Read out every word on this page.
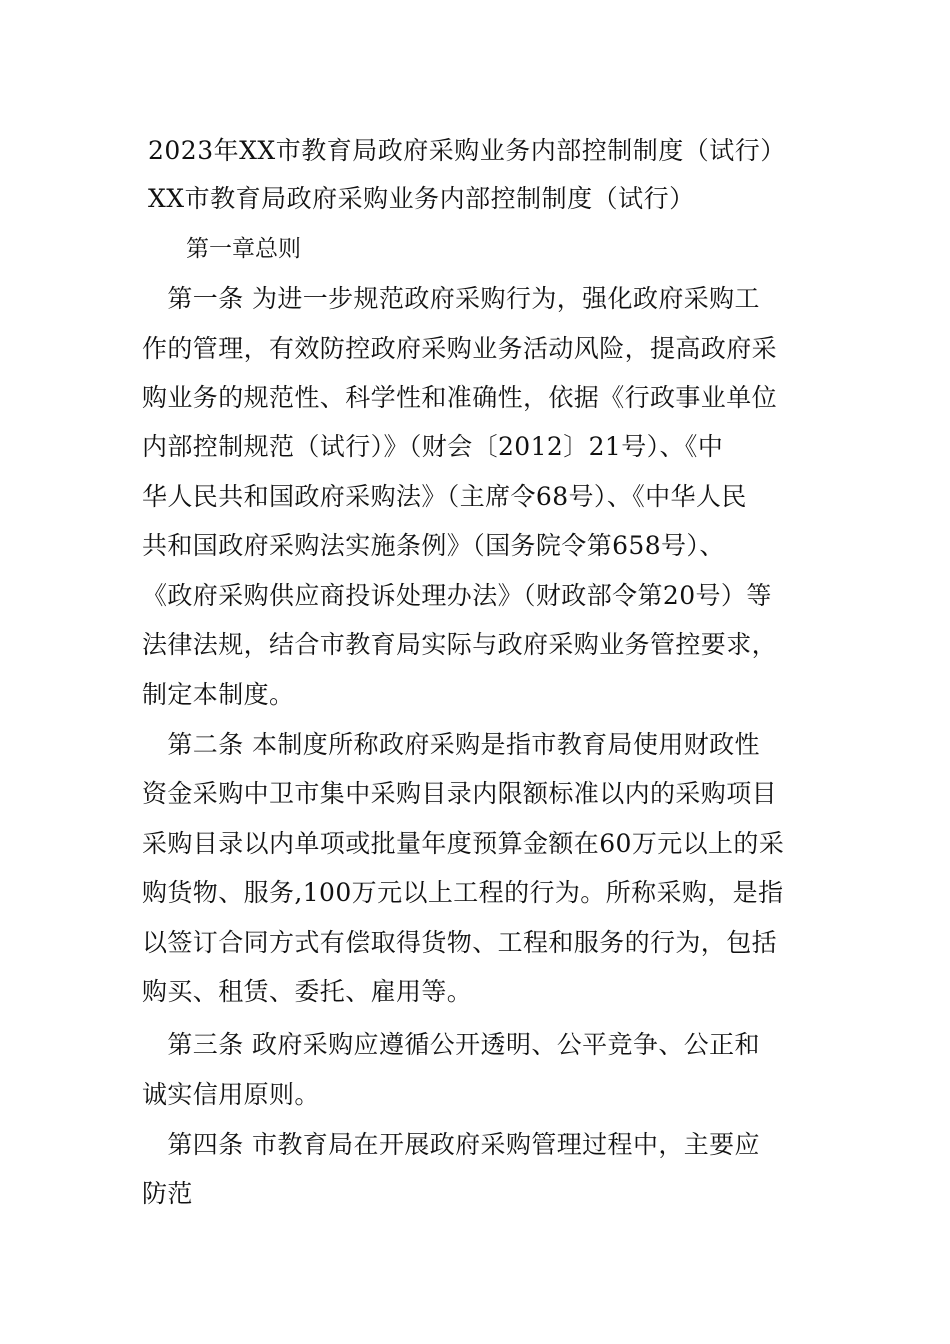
2023年XX市教育局政府采购业务内部控制制度（试行）
XX市教育局政府采购业务内部控制制度（试行）
第一章总则
　第一条 为进一步规范政府采购行为，强化政府采购工
作的管理，有效防控政府采购业务活动风险，提高政府采
购业务的规范性、科学性和准确性，依据《行政事业单位
内部控制规范（试行）》（财会〔2012〕21号）、《中
华人民共和国政府采购法》（主席令68号）、《中华人民
共和国政府采购法实施条例》（国务院令第658号）、
《政府采购供应商投诉处理办法》（财政部令第20号）等
法律法规，结合市教育局实际与政府采购业务管控要求，
制定本制度。
　第二条 本制度所称政府采购是指市教育局使用财政性
资金采购中卫市集中采购目录内限额标准以内的采购项目
采购目录以内单项或批量年度预算金额在60万元以上的采
购货物、服务,100万元以上工程的行为。所称采购，是指
以签订合同方式有偿取得货物、工程和服务的行为，包括
购买、租赁、委托、雇用等。
　第三条 政府采购应遵循公开透明、公平竞争、公正和
诚实信用原则。
　第四条 市教育局在开展政府采购管理过程中，主要应
防范
